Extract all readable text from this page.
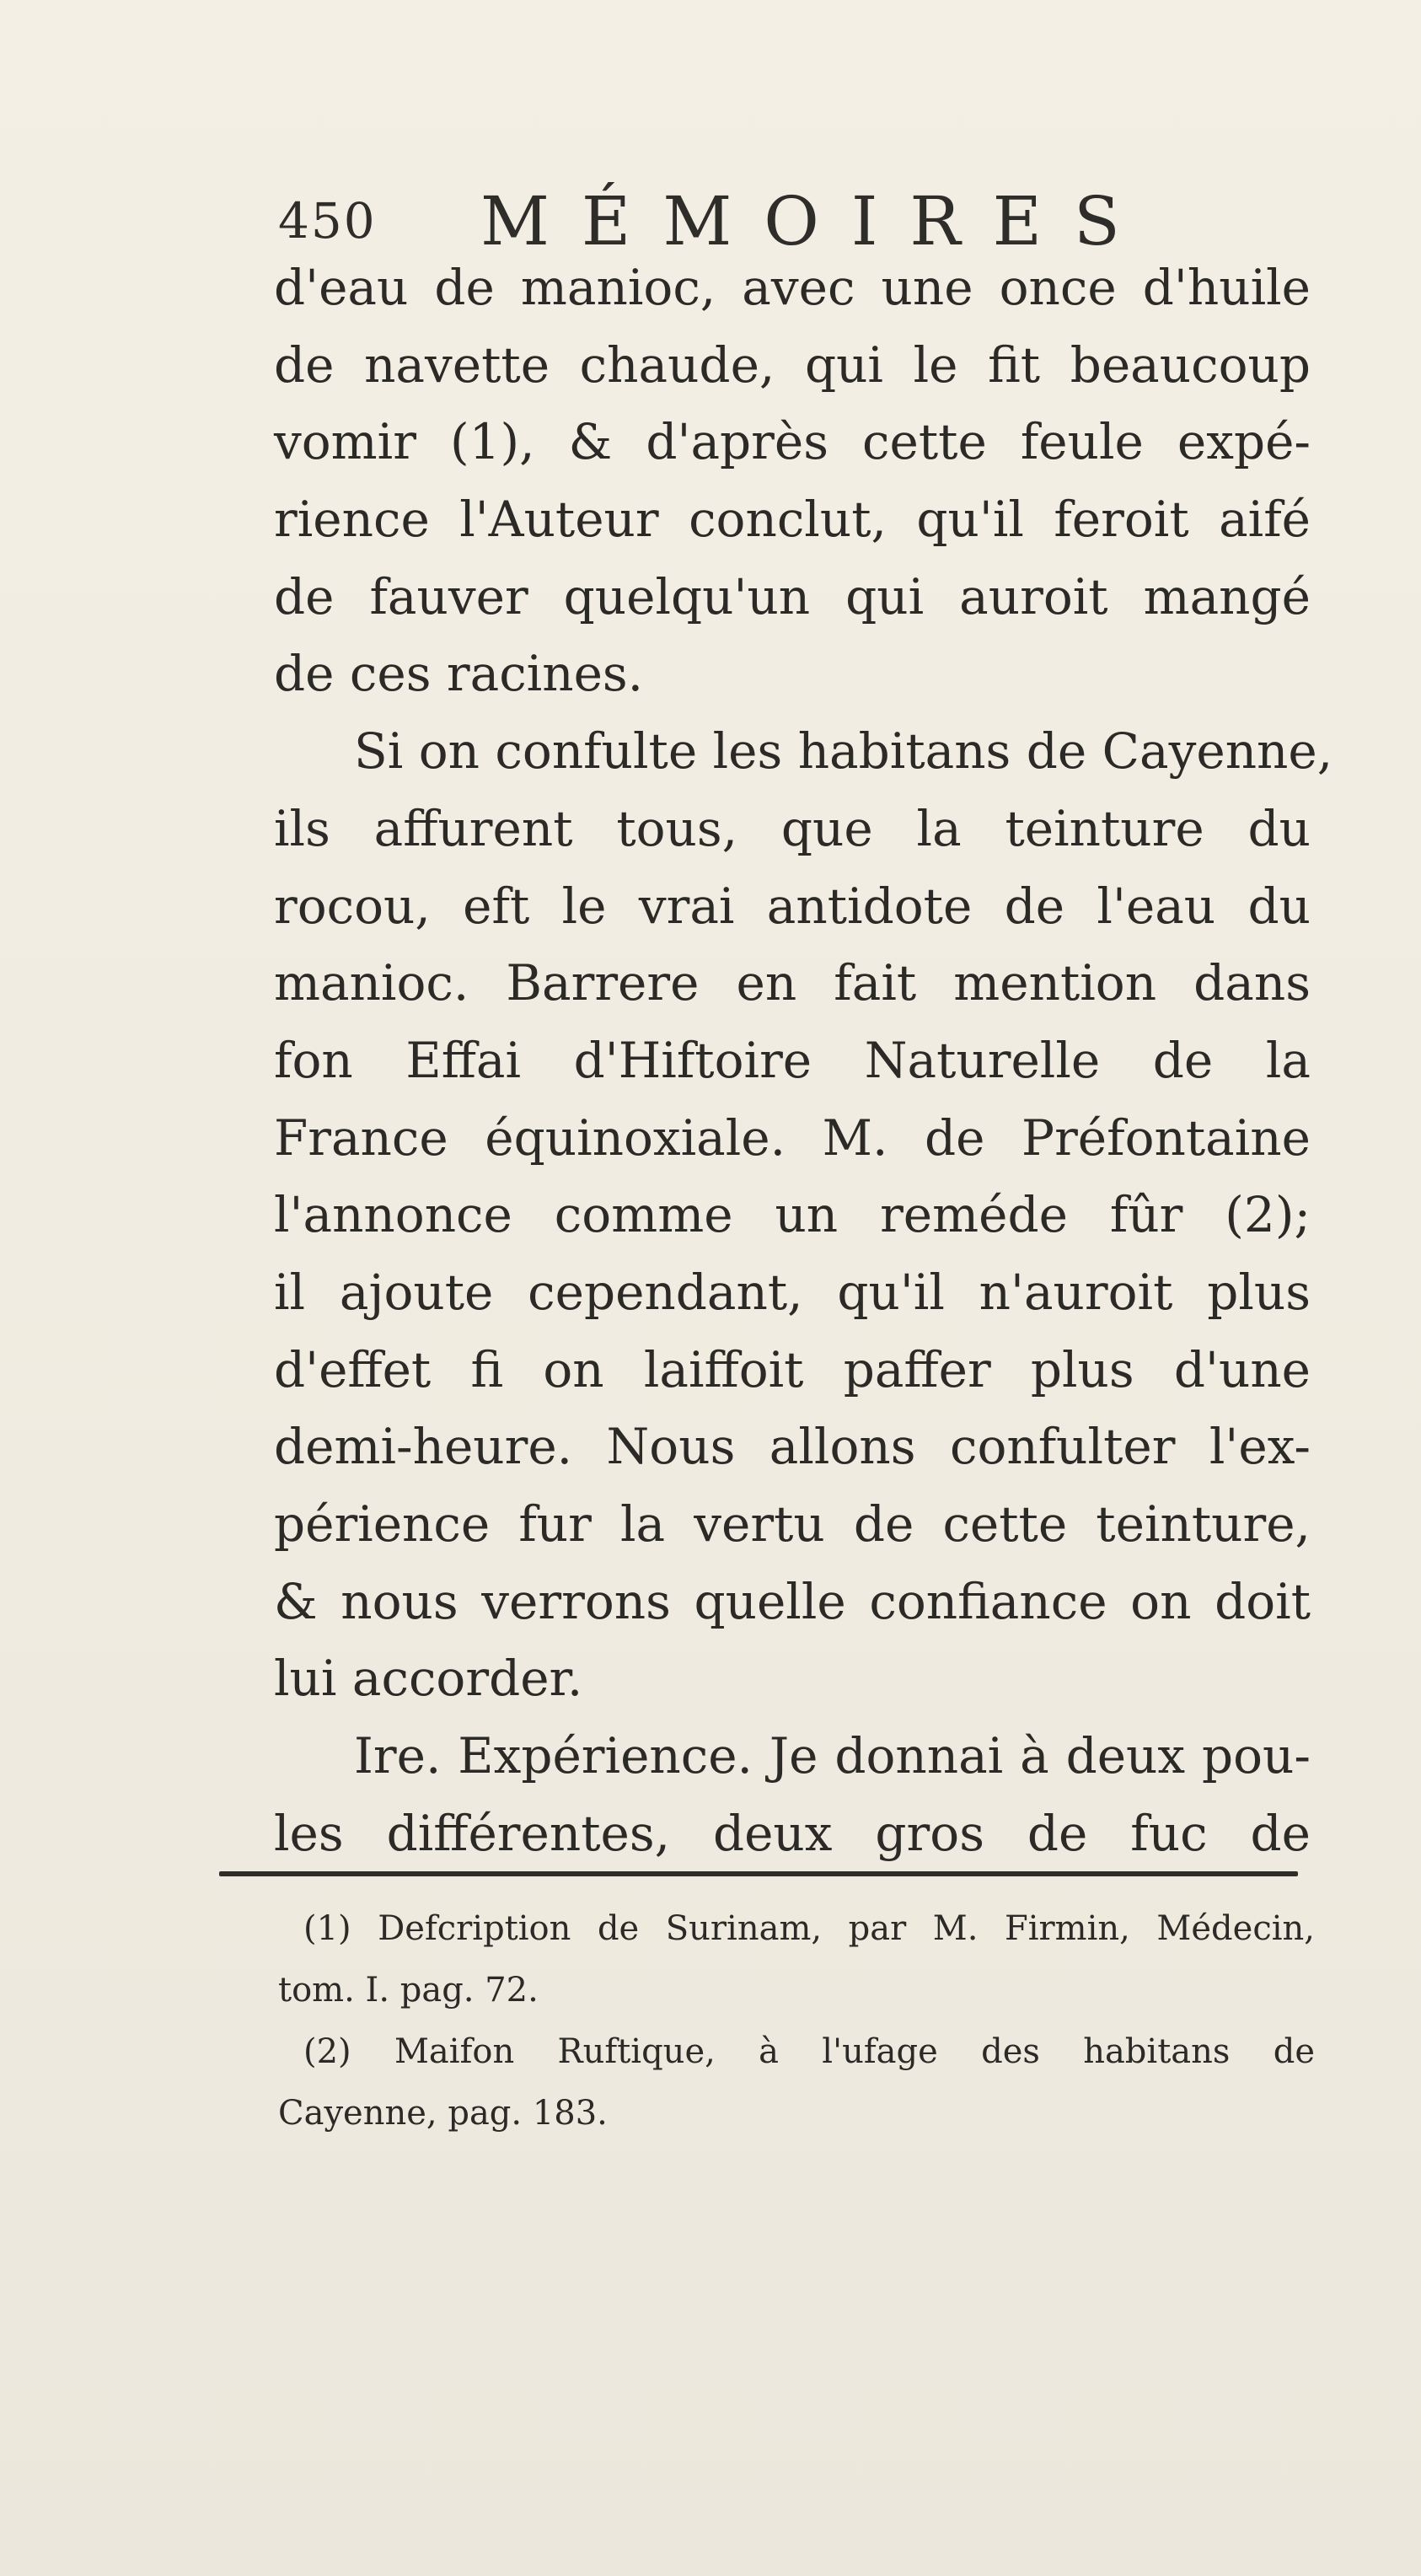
450 MÉMOIRES
d'eau de manioc, avec une once d'huile
de navette chaude, qui le fit beaucoup
vomir (1), & d'après cette feule expé-
rience l'Auteur conclut, qu'il feroit aifé
de fauver quelqu'un qui auroit mangé
de ces racines.
Si on confulte les habitans de Cayenne,
ils affurent tous, que la teinture du
rocou, eft le vrai antidote de l'eau du
manioc. Barrere en fait mention dans
fon Effai d'Hiftoire Naturelle de la
France équinoxiale. M. de Préfontaine
l'annonce comme un reméde fûr (2);
il ajoute cependant, qu'il n'auroit plus
d'effet fi on laiffoit paffer plus d'une
demi-heure. Nous allons confulter l'ex-
périence fur la vertu de cette teinture,
& nous verrons quelle confiance on doit
lui accorder.
Ire. Expérience. Je donnai à deux pou-
les différentes, deux gros de fuc de
(1) Defcription de Surinam, par M. Firmin, Médecin,
tom. I. pag. 72.
(2) Maifon Ruftique, à l'ufage des habitans de
Cayenne, pag. 183.
